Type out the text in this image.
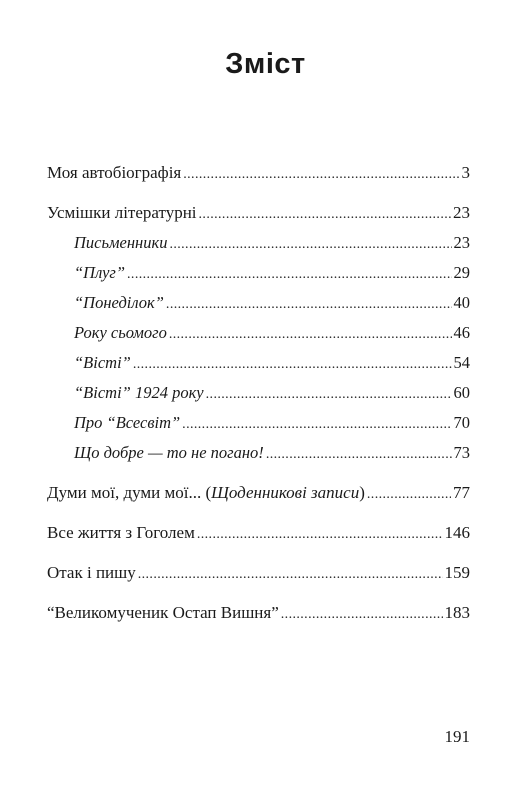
Зміст
Моя автобіографія .....	3
Усмішки літературні .....	23
Письменники .....	23
“Плуг” .....	29
“Понеділок” .....	40
Року сьомого .....	46
“Вісті” .....	54
“Вісті” 1924 року .....	60
Про “Всесвіт” .....	70
Що добре — то не погано! .....	73
Думи мої, думи мої... (Щоденникові записи) .....	77
Все життя з Гоголем .....	146
Отак і пишу .....	159
“Великомученик Остап Вишня” .....	183
191
